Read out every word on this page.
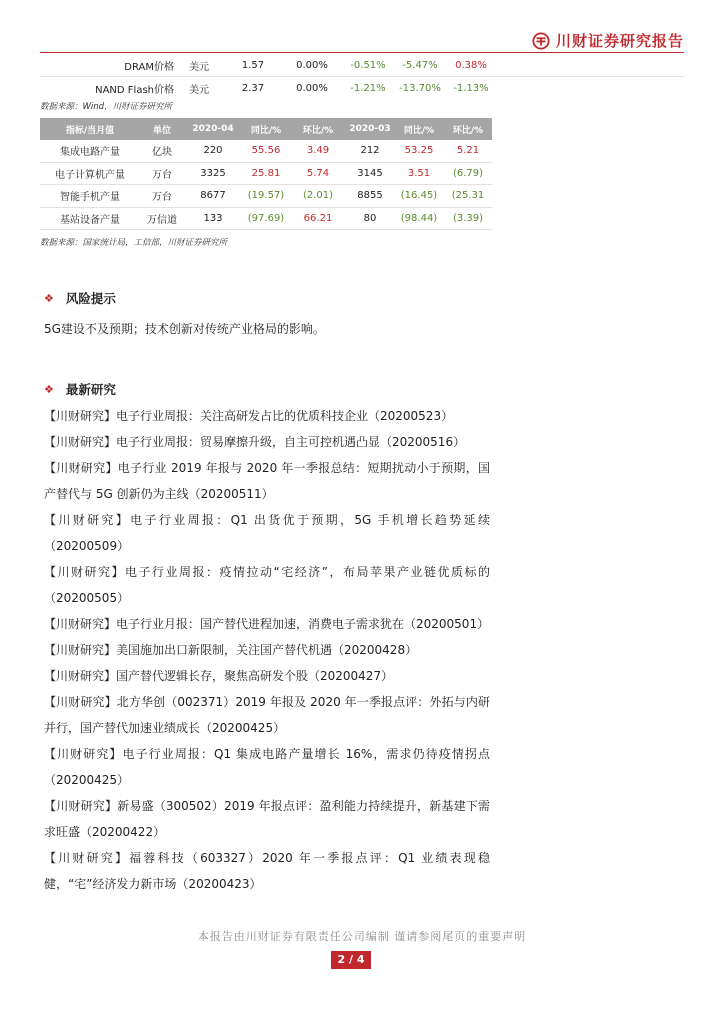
川财证券研究报告
DRAM价格	美元	1.57	0.00%	-0.51%	-5.47%	0.38%	
NAND Flash价格	美元	2.37	0.00%	-1.21%	-13.70%	-1.13%	
数据来源：Wind，川财证券研究所
指标/当月值	单位	2020-04	同比/%	环比/%	2020-03	同比/%	环比/%
集成电路产量	亿块	220	55.56	3.49	212	53.25	5.21
电子计算机产量	万台	3325	25.81	5.74	3145	3.51	(6.79)
智能手机产量	万台	8677	(19.57)	(2.01)	8855	(16.45)	(25.31
基站设备产量	万信道	133	(97.69)	66.21	80	(98.44)	(3.39)
数据来源：国家统计局，工信部，川财证券研究所
❖ 风险提示
5G建设不及预期；技术创新对传统产业格局的影响。
❖ 最新研究
【川财研究】电子行业周报：关注高研发占比的优质科技企业（20200523）
【川财研究】电子行业周报：贸易摩擦升级，自主可控机遇凸显（20200516）
【川财研究】电子行业 2019 年报与 2020 年一季报总结：短期扰动小于预期，国产替代与 5G 创新仍为主线（20200511）
【川财研究】电子行业周报：Q1 出货优于预期，5G 手机增长趋势延续（20200509）
【川财研究】电子行业周报：疫情拉动“宅经济”，布局苹果产业链优质标的（20200505）
【川财研究】电子行业月报：国产替代进程加速，消费电子需求犹在（20200501）
【川财研究】美国施加出口新限制，关注国产替代机遇（20200428）
【川财研究】国产替代逻辑长存，聚焦高研发个股（20200427）
【川财研究】北方华创（002371）2019 年报及 2020 年一季报点评：外拓与内研并行，国产替代加速业绩成长（20200425）
【川财研究】电子行业周报：Q1 集成电路产量增长 16%，需求仍待疫情拐点（20200425）
【川财研究】新易盛（300502）2019 年报点评：盈利能力持续提升，新基建下需求旺盛（20200422）
【川财研究】福蓉科技（603327）2020 年一季报点评：Q1 业绩表现稳健，“宅”经济发力新市场（20200423）
本报告由川财证券有限责任公司编制 谨请参阅尾页的重要声明
2 / 4
